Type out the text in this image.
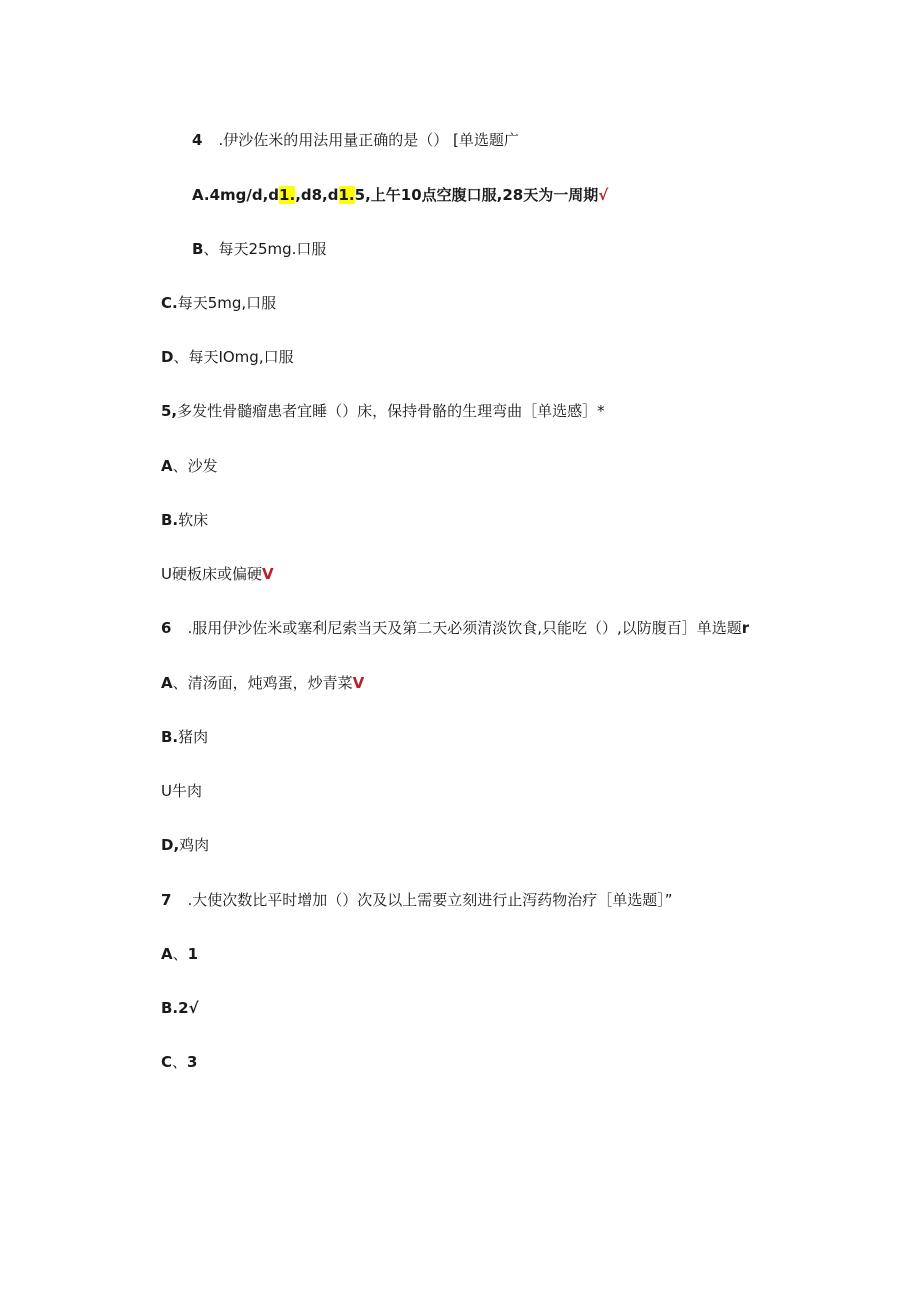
4 .伊沙佐米的用法用量正确的是（） [单选题广
A.4mg/d,d1.,d8,d1.5,上午10点空腹口服,28天为一周期√
B、每天25mg.口服
C.每天5mg,口服
D、每天IOmg,口服
5,多发性骨髓瘤患者宜睡（）床，保持骨骼的生理弯曲［单选感］*
A、沙发
B.软床
U硬板床或偏硬V
6 .服用伊沙佐米或塞利尼索当天及第二天必须清淡饮食,只能吃（）,以防腹百］单选题r
A、清汤面，炖鸡蛋，炒青菜V
B.猪肉
U牛肉
D,鸡肉
7 .大使次数比平时增加（）次及以上需要立刻进行止泻药物治疗［单选题］”
A、1
B.2√
C、3
